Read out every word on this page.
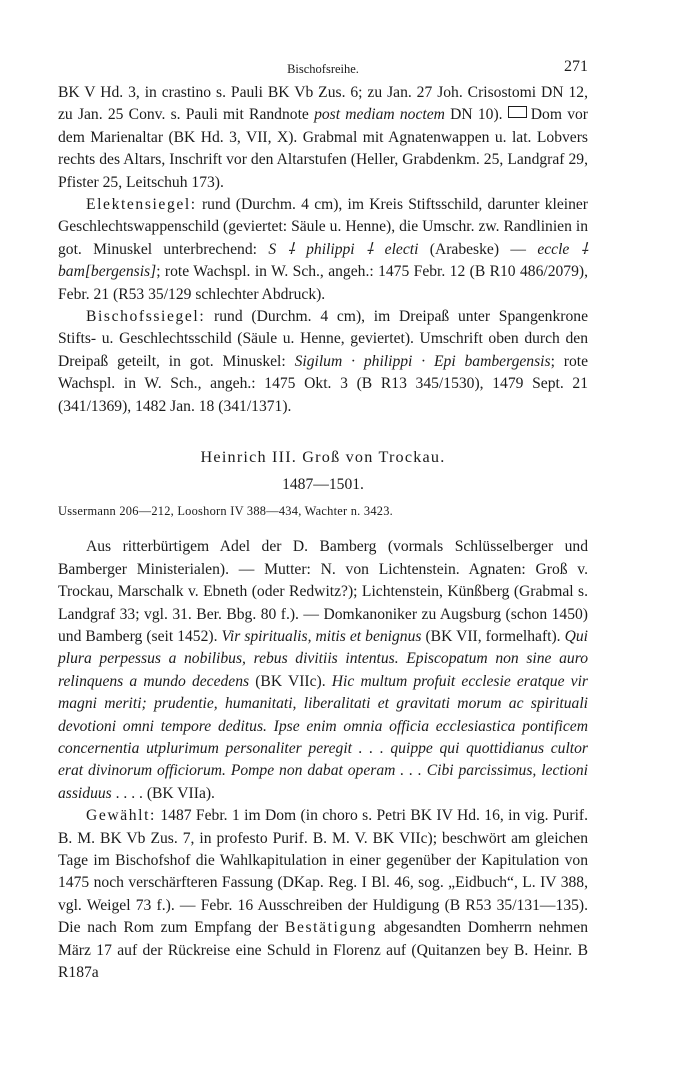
Bischofsreihe.	271

BK V Hd. 3, in crastino s. Pauli BK Vb Zus. 6; zu Jan. 27 Joh. Crisostomi DN 12, zu Jan. 25 Conv. s. Pauli mit Randnote post mediam noctem DN 10). Dom vor dem Marienaltar (BK Hd. 3, VII, X). Grabmal mit Agnatenwappen u. lat. Lobvers rechts des Altars, Inschrift vor den Altarstufen (Heller, Grabdenkm. 25, Landgraf 29, Pfister 25, Leitschuh 173).

Elektensiegel: rund (Durchm. 4 cm), im Kreis Stiftsschild, darunter kleiner Geschlechtswappenschild (geviertet: Säule u. Henne), die Umschr. zw. Randlinien in got. Minuskel unterbrechend: S ⸸ philippi ⸸ electi (Arabeske) — eccle ⸸ bam[bergensis]; rote Wachspl. in W. Sch., angeh.: 1475 Febr. 12 (B R10 486/2079), Febr. 21 (R53 35/129 schlechter Abdruck).

Bischofssiegel: rund (Durchm. 4 cm), im Dreipaß unter Spangenkrone Stifts- u. Geschlechtsschild (Säule u. Henne, geviertet). Umschrift oben durch den Dreipaß geteilt, in got. Minuskel: Sigilum · philippi · Epi bambergensis; rote Wachspl. in W. Sch., angeh.: 1475 Okt. 3 (B R13 345/1530), 1479 Sept. 21 (341/1369), 1482 Jan. 18 (341/1371).

Heinrich III. Groß von Trockau.
1487—1501.
Ussermann 206—212, Looshorn IV 388—434, Wachter n. 3423.

Aus ritterbürtigem Adel der D. Bamberg (vormals Schlüsselberger und Bamberger Ministerialen). — Mutter: N. von Lichtenstein. Agnaten: Groß v. Trockau, Marschalk v. Ebneth (oder Redwitz?); Lichtenstein, Künßberg (Grabmal s. Landgraf 33; vgl. 31. Ber. Bbg. 80 f.). — Domkanoniker zu Augsburg (schon 1450) und Bamberg (seit 1452). Vir spiritualis, mitis et benignus (BK VII, formelhaft). Qui plura perpessus a nobilibus, rebus divitiis intentus. Episcopatum non sine auro relinquens a mundo decedens (BK VIIc). Hic multum profuit ecclesie eratque vir magni meriti; prudentie, humanitati, liberalitati et gravitati morum ac spirituali devotioni omni tempore deditus. Ipse enim omnia officia ecclesiastica pontificem concernentia utplurimum personaliter peregit . . . quippe qui quottidianus cultor erat divinorum officiorum. Pompe non dabat operam . . . Cibi parcissimus, lectioni assiduus . . . . (BK VIIa).

Gewählt: 1487 Febr. 1 im Dom (in choro s. Petri BK IV Hd. 16, in vig. Purif. B. M. BK Vb Zus. 7, in profesto Purif. B. M. V. BK VIIc); beschwört am gleichen Tage im Bischofshof die Wahlkapitulation in einer gegenüber der Kapitulation von 1475 noch verschärfteren Fassung (DKap. Reg. I Bl. 46, sog. „Eidbuch“, L. IV 388, vgl. Weigel 73 f.). — Febr. 16 Ausschreiben der Huldigung (B R53 35/131—135). Die nach Rom zum Empfang der Bestätigung abgesandten Domherrn nehmen März 17 auf der Rückreise eine Schuld in Florenz auf (Quitanzen bey B. Heinr. B R187a
